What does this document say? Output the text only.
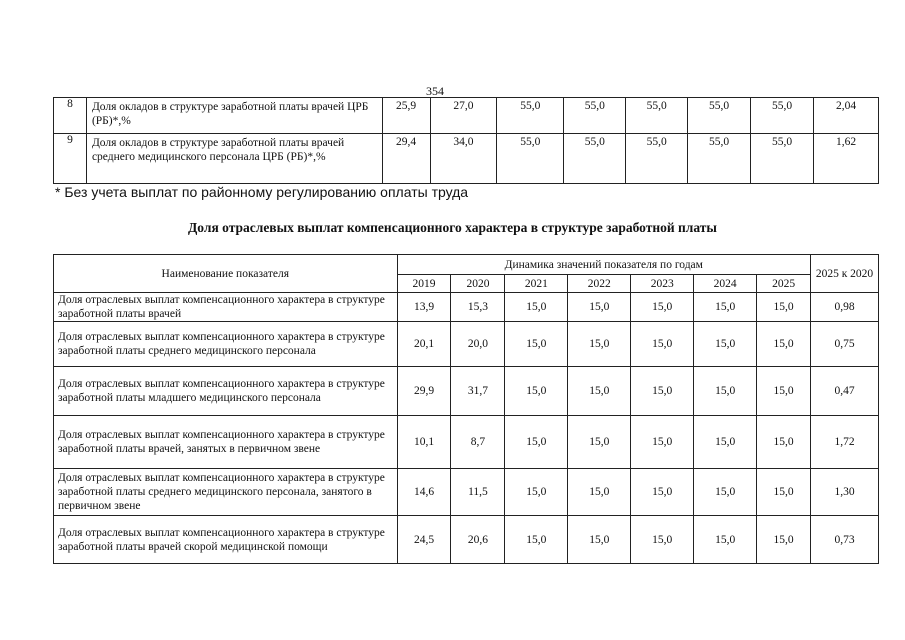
354
8	Доля окладов в структуре заработной платы врачей ЦРБ (РБ)*,%	25,9	27,0	55,0	55,0	55,0	55,0	55,0	2,04
9	Доля окладов в структуре заработной платы врачей среднего медицинского персонала ЦРБ (РБ)*,%	29,4	34,0	55,0	55,0	55,0	55,0	55,0	1,62
* Без учета выплат по районному регулированию оплаты труда
Доля отраслевых выплат компенсационного характера в структуре заработной платы
Наименование показателя	Динамика значений показателя по годам							2025 к 2020
	2019	2020	2021	2022	2023	2024	2025	
Доля отраслевых выплат компенсационного характера в структуре заработной платы врачей	13,9	15,3	15,0	15,0	15,0	15,0	15,0	0,98
Доля отраслевых выплат компенсационного характера в структуре заработной платы среднего медицинского персонала	20,1	20,0	15,0	15,0	15,0	15,0	15,0	0,75
Доля отраслевых выплат компенсационного характера в структуре заработной платы младшего медицинского персонала	29,9	31,7	15,0	15,0	15,0	15,0	15,0	0,47
Доля отраслевых выплат компенсационного характера в структуре заработной платы врачей, занятых в первичном звене	10,1	8,7	15,0	15,0	15,0	15,0	15,0	1,72
Доля отраслевых выплат компенсационного характера в структуре заработной платы среднего медицинского персонала, занятого в первичном звене	14,6	11,5	15,0	15,0	15,0	15,0	15,0	1,30
Доля отраслевых выплат компенсационного характера в структуре заработной платы врачей скорой медицинской помощи	24,5	20,6	15,0	15,0	15,0	15,0	15,0	0,73
